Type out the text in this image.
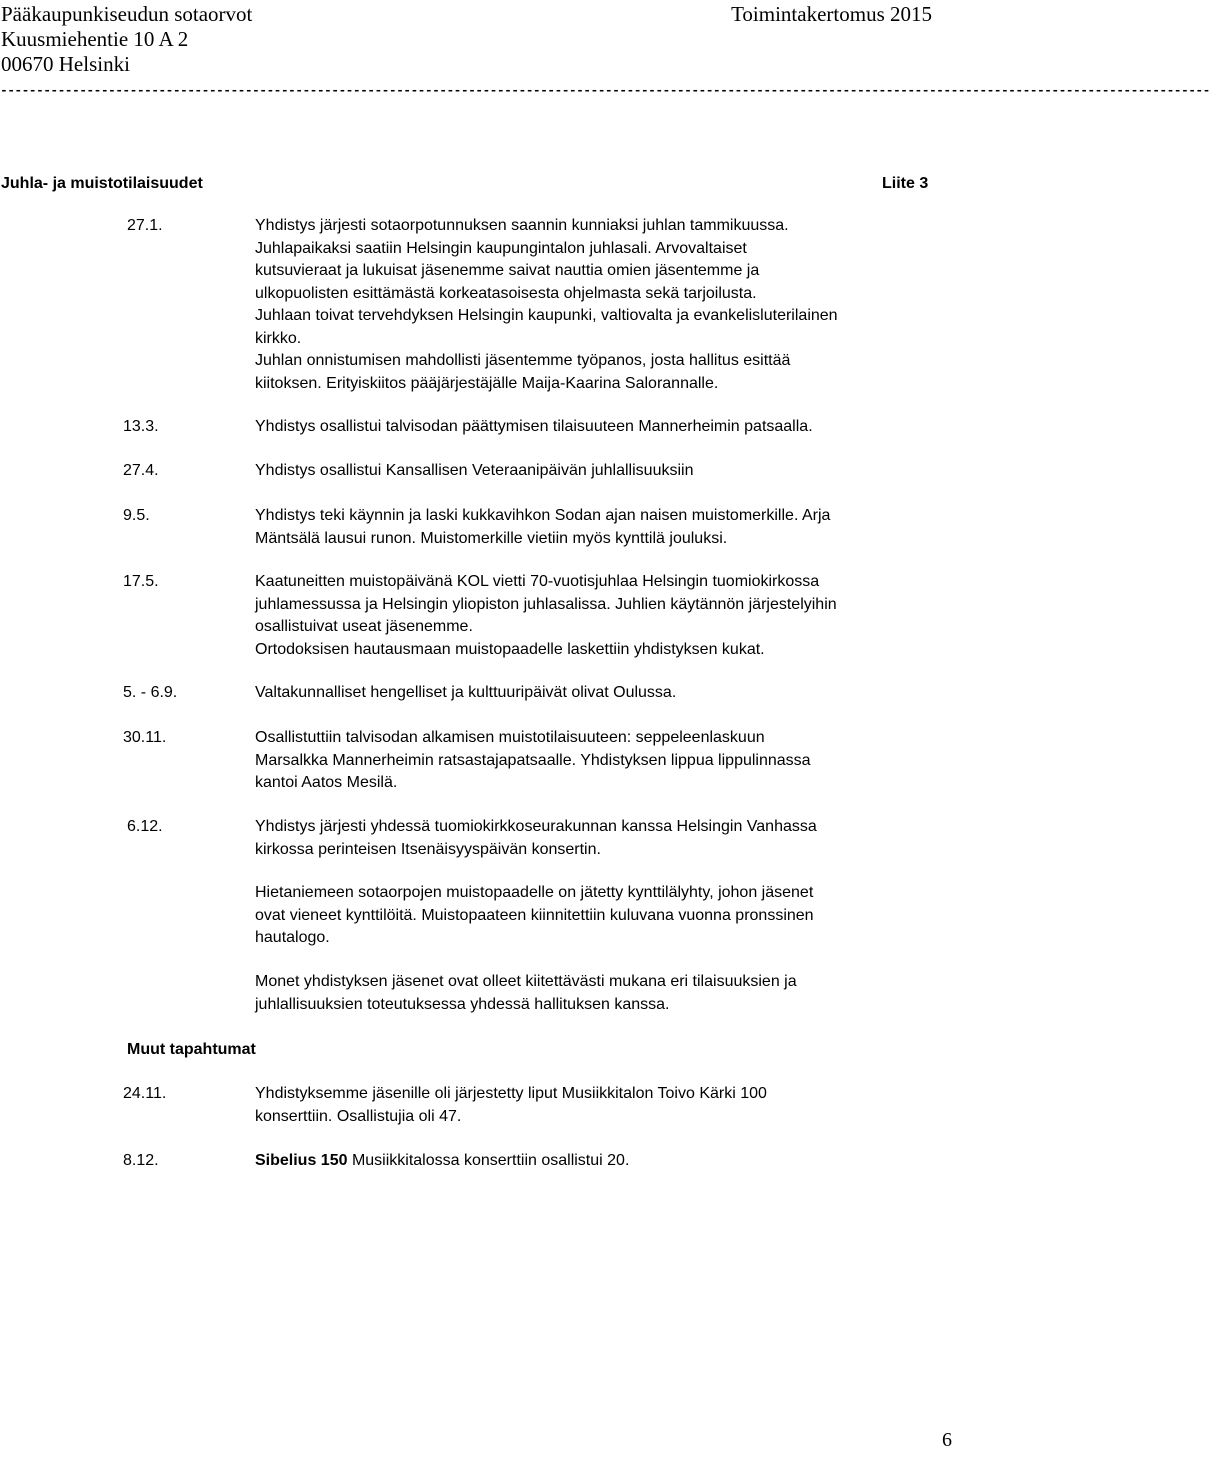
Pääkaupunkiseudun sotaorvot
Kuusmiehentie 10 A 2
00670 Helsinki
Toimintakertomus 2015
------------------------------------------------------------------------------------------------------------------------------------------------------------------------
Juhla- ja muistotilaisuudet	Liite 3
27.1.	Yhdistys järjesti sotaorpotunnuksen saannin kunniaksi juhlan tammikuussa.
Juhlapaikaksi saatiin Helsingin kaupungintalon juhlasali. Arvovaltaiset
kutsuvieraat ja lukuisat jäsenemme saivat nauttia omien jäsentemme ja
ulkopuolisten esittämästä korkeatasoisesta ohjelmasta sekä tarjoilusta.
Juhlaan toivat tervehdyksen Helsingin kaupunki, valtiovalta ja evankelisluterilainen
kirkko.
Juhlan onnistumisen mahdollisti jäsentemme työpanos, josta hallitus esittää
kiitoksen. Erityiskiitos pääjärjestäjälle Maija-Kaarina Salorannalle.
13.3.	Yhdistys osallistui talvisodan päättymisen tilaisuuteen Mannerheimin patsaalla.
27.4.	Yhdistys osallistui Kansallisen Veteraanipäivän juhlallisuuksiin
9.5.	Yhdistys teki käynnin ja laski kukkavihkon Sodan ajan naisen muistomerkille. Arja
Mäntsälä lausui runon. Muistomerkille vietiin myös kynttilä jouluksi.
17.5.	Kaatuneitten muistopäivänä KOL vietti 70-vuotisjuhlaa Helsingin tuomiokirkossa
juhlamessussa ja Helsingin yliopiston juhlasalissa. Juhlien käytännön järjestelyihin
osallistuivat useat jäsenemme.
Ortodoksisen hautausmaan muistopaadelle laskettiin yhdistyksen kukat.
5. - 6.9.	Valtakunnalliset hengelliset ja kulttuuripäivät olivat Oulussa.
30.11.	Osallistuttiin talvisodan alkamisen muistotilaisuuteen: seppeleenlaskuun
Marsalkka Mannerheimin ratsastajapatsaalle. Yhdistyksen lippua lippulinnassa
kantoi Aatos Mesilä.
6.12.	Yhdistys järjesti yhdessä tuomiokirkkoseurakunnan kanssa Helsingin Vanhassa
kirkossa perinteisen Itsenäisyyspäivän konsertin.
Hietaniemeen sotaorpojen muistopaadelle on jätetty kynttilälyhty, johon jäsenet
ovat vieneet kynttilöitä. Muistopaateen kiinnitettiin kuluvana vuonna pronssinen
hautalogo.
Monet yhdistyksen jäsenet ovat olleet kiitettävästi mukana eri tilaisuuksien ja
juhlallisuuksien toteutuksessa yhdessä hallituksen kanssa.
Muut tapahtumat
24.11.	Yhdistyksemme jäsenille oli järjestetty liput Musiikkitalon Toivo Kärki 100
konserttiin. Osallistujia oli 47.
8.12.	Sibelius 150 Musiikkitalossa konserttiin osallistui 20.
6
